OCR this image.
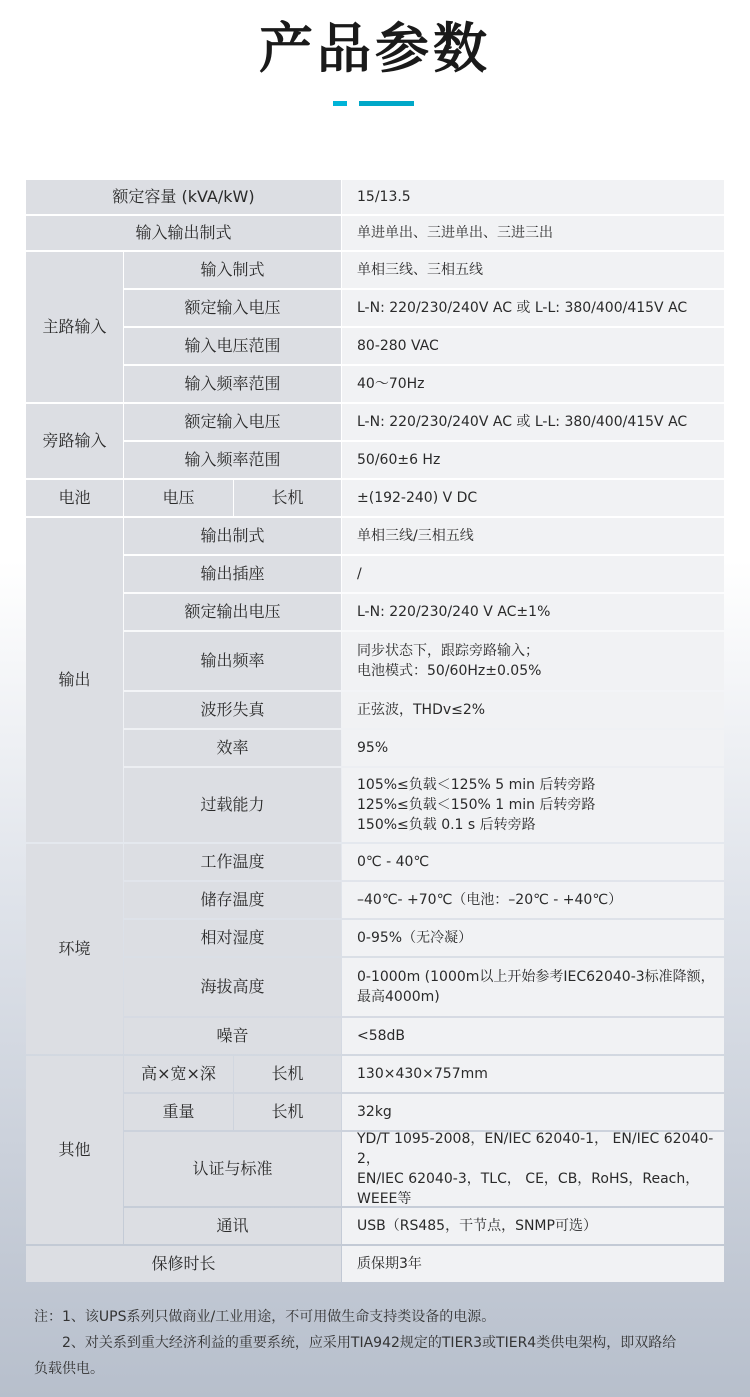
产品参数
额定容量 (kVA/kW)	15/13.5
输入输出制式	单进单出、三进单出、三进三出
主路输入
输入制式	单相三线、三相五线
额定输入电压	L-N: 220/230/240V AC 或 L-L: 380/400/415V AC
输入电压范围	80-280 VAC
输入频率范围	40～70Hz
旁路输入
额定输入电压	L-N: 220/230/240V AC 或 L-L: 380/400/415V AC
输入频率范围	50/60±6 Hz
电池	电压	长机	±(192-240) V DC
输出
输出制式	单相三线/三相五线
输出插座	/
额定输出电压	L-N: 220/230/240 V AC±1%
输出频率	同步状态下，跟踪旁路输入；
电池模式：50/60Hz±0.05%
波形失真	正弦波，THDv≤2%
效率	95%
过载能力
105%≤负载＜125% 5 min 后转旁路
125%≤负载＜150% 1 min 后转旁路
150%≤负载 0.1 s 后转旁路
环境
工作温度	0℃ - 40℃
储存温度	–40℃- +70℃（电池：–20℃ - +40℃）
相对湿度	0-95%（无冷凝）
海拔高度	0-1000m (1000m以上开始参考IEC62040-3标准降额，
最高4000m)
噪音	<58dB
其他
高×宽×深	长机	130×430×757mm
重量	长机	32kg
认证与标准
YD/T 1095-2008，EN/IEC 62040-1， EN/IEC 62040-2，
EN/IEC 62040-3，TLC， CE，CB，RoHS，Reach，
WEEE等
通讯	USB（RS485，干节点，SNMP可选）
保修时长	质保期3年
注：1、该UPS系列只做商业/工业用途，不可用做生命支持类设备的电源。
2、对关系到重大经济利益的重要系统，应采用TIA942规定的TIER3或TIER4类供电架构，即双路给
负载供电。
